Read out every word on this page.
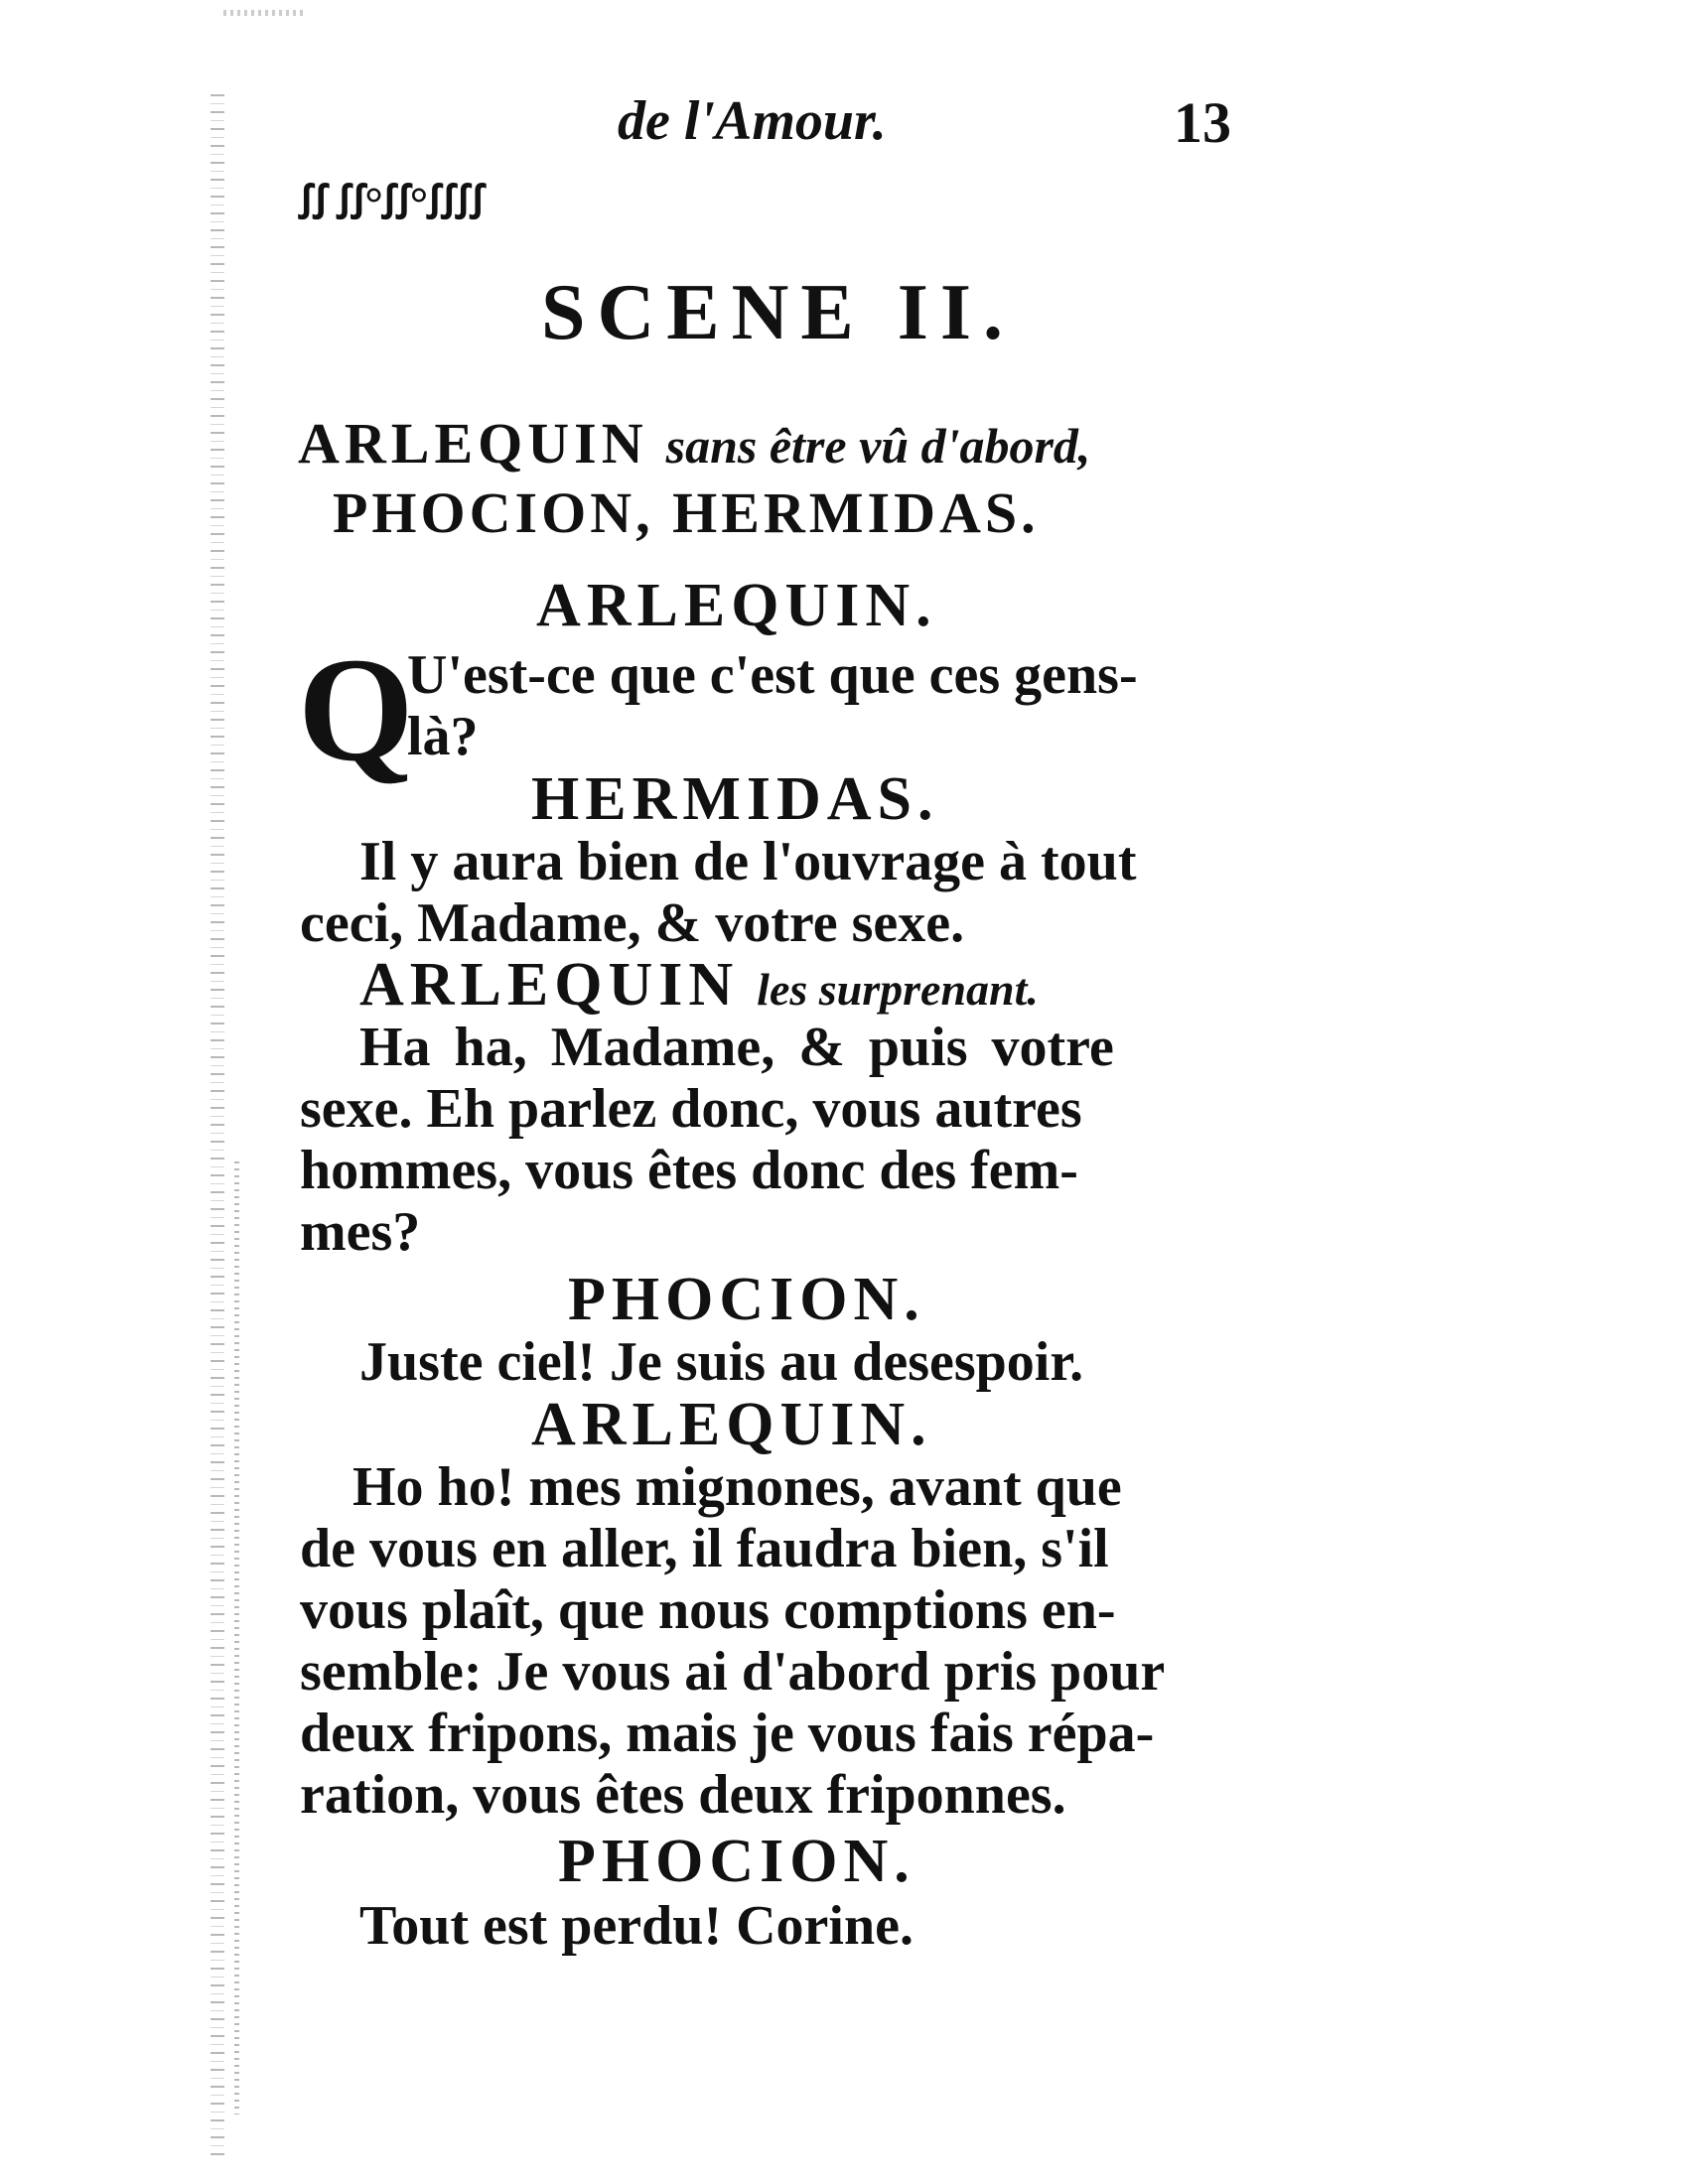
de l'Amour.	13
ꭍꭍ ꭍꭍ°ꭍꭍ°ꭍꭍꭍꭍ
SCENE II.
ARLEQUIN sans être vû d'abord,
PHOCION, HERMIDAS.
ARLEQUIN.
Q
U'est-ce que c'est que ces gens-
là?
HERMIDAS.
Il y aura bien de l'ouvrage à tout
ceci, Madame, & votre sexe.
ARLEQUIN les surprenant.
Ha ha, Madame, & puis votre
sexe. Eh parlez donc, vous autres
hommes, vous êtes donc des fem-
mes?
PHOCION.
Juste ciel! Je suis au desespoir.
ARLEQUIN.
Ho ho! mes mignones, avant que
de vous en aller, il faudra bien, s'il
vous plaît, que nous comptions en-
semble: Je vous ai d'abord pris pour
deux fripons, mais je vous fais répa-
ration, vous êtes deux friponnes.
PHOCION.
Tout est perdu! Corine.
